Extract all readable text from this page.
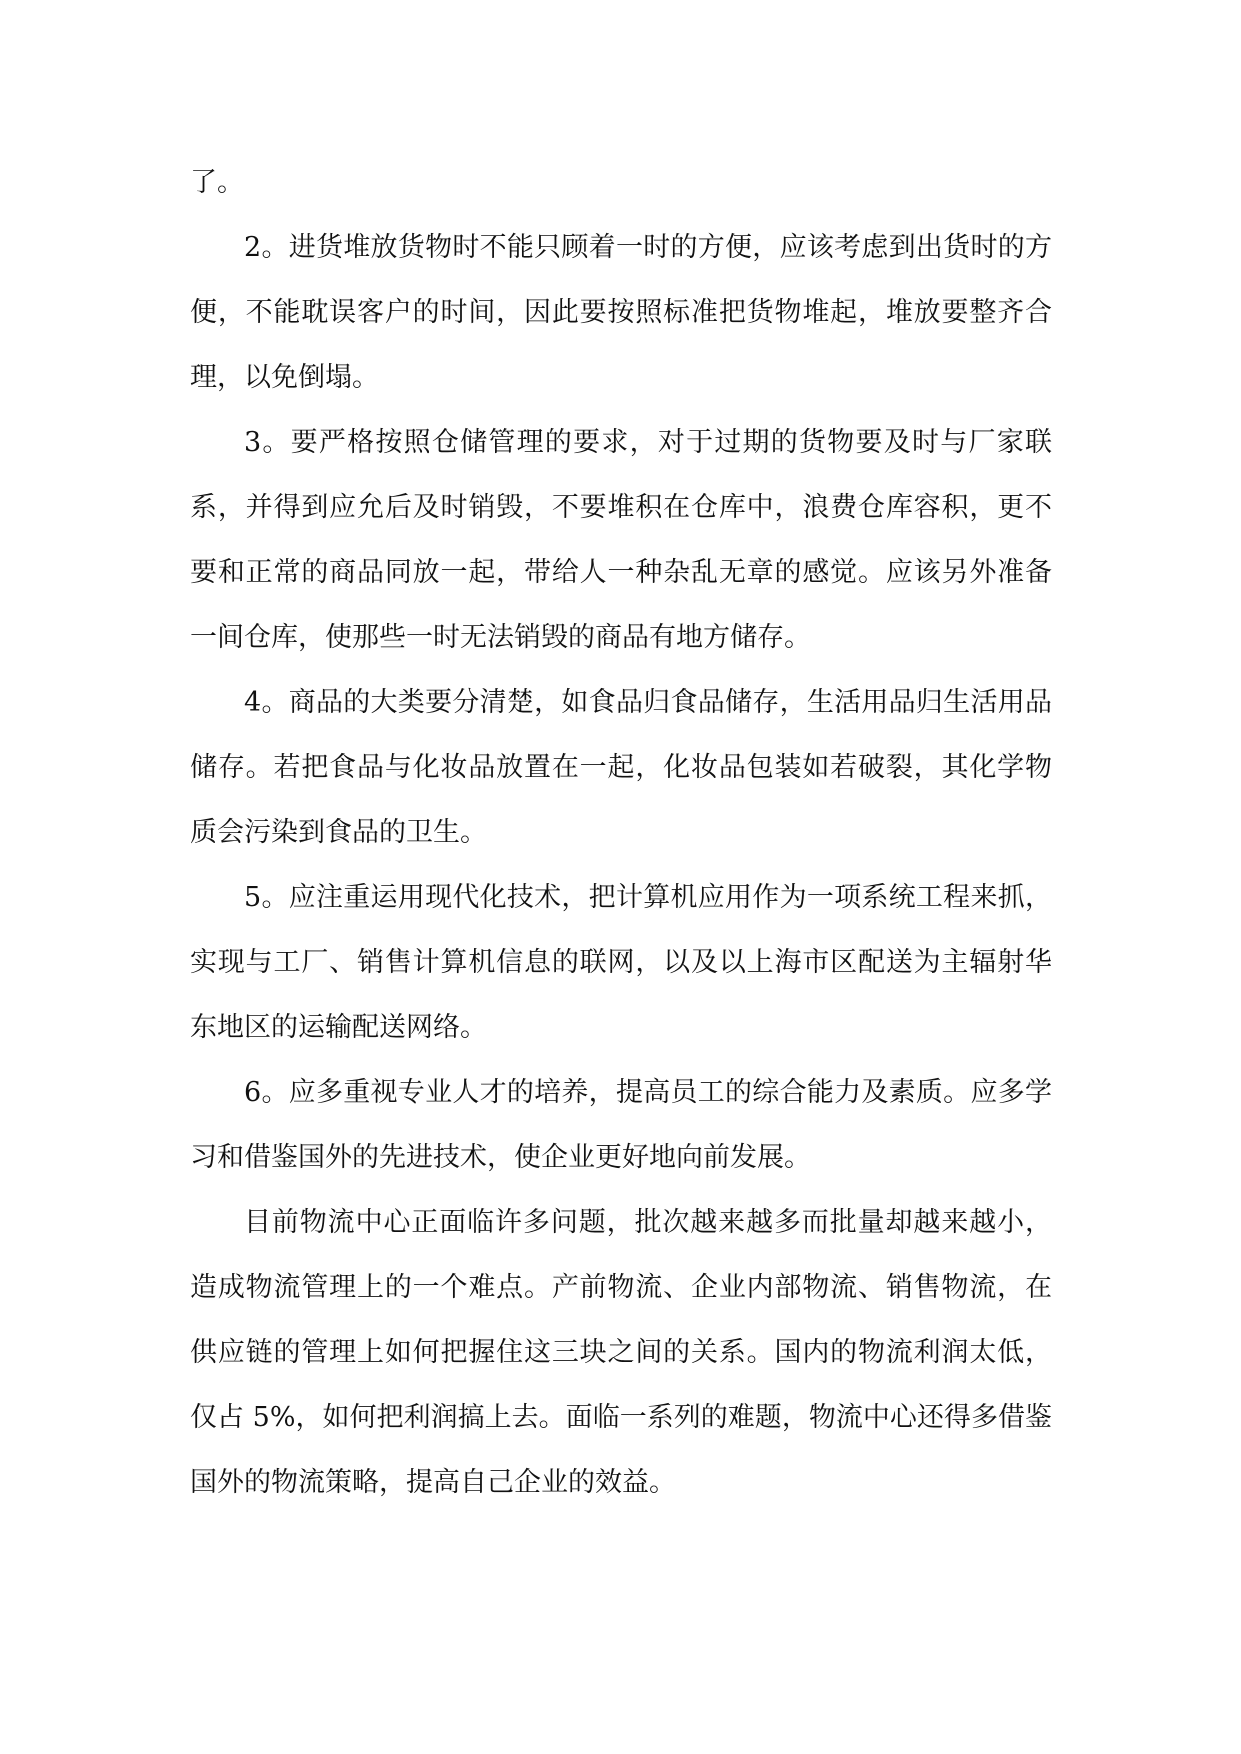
了。

2。进货堆放货物时不能只顾着一时的方便，应该考虑到出货时的方便，不能耽误客户的时间，因此要按照标准把货物堆起，堆放要整齐合理，以免倒塌。

3。要严格按照仓储管理的要求，对于过期的货物要及时与厂家联系，并得到应允后及时销毁，不要堆积在仓库中，浪费仓库容积，更不要和正常的商品同放一起，带给人一种杂乱无章的感觉。应该另外准备一间仓库，使那些一时无法销毁的商品有地方储存。

4。商品的大类要分清楚，如食品归食品储存，生活用品归生活用品储存。若把食品与化妆品放置在一起，化妆品包装如若破裂，其化学物质会污染到食品的卫生。

5。应注重运用现代化技术，把计算机应用作为一项系统工程来抓，实现与工厂、销售计算机信息的联网，以及以上海市区配送为主辐射华东地区的运输配送网络。

6。应多重视专业人才的培养，提高员工的综合能力及素质。应多学习和借鉴国外的先进技术，使企业更好地向前发展。

目前物流中心正面临许多问题，批次越来越多而批量却越来越小，造成物流管理上的一个难点。产前物流、企业内部物流、销售物流，在供应链的管理上如何把握住这三块之间的关系。国内的物流利润太低，仅占 5%，如何把利润搞上去。面临一系列的难题，物流中心还得多借鉴国外的物流策略，提高自己企业的效益。
